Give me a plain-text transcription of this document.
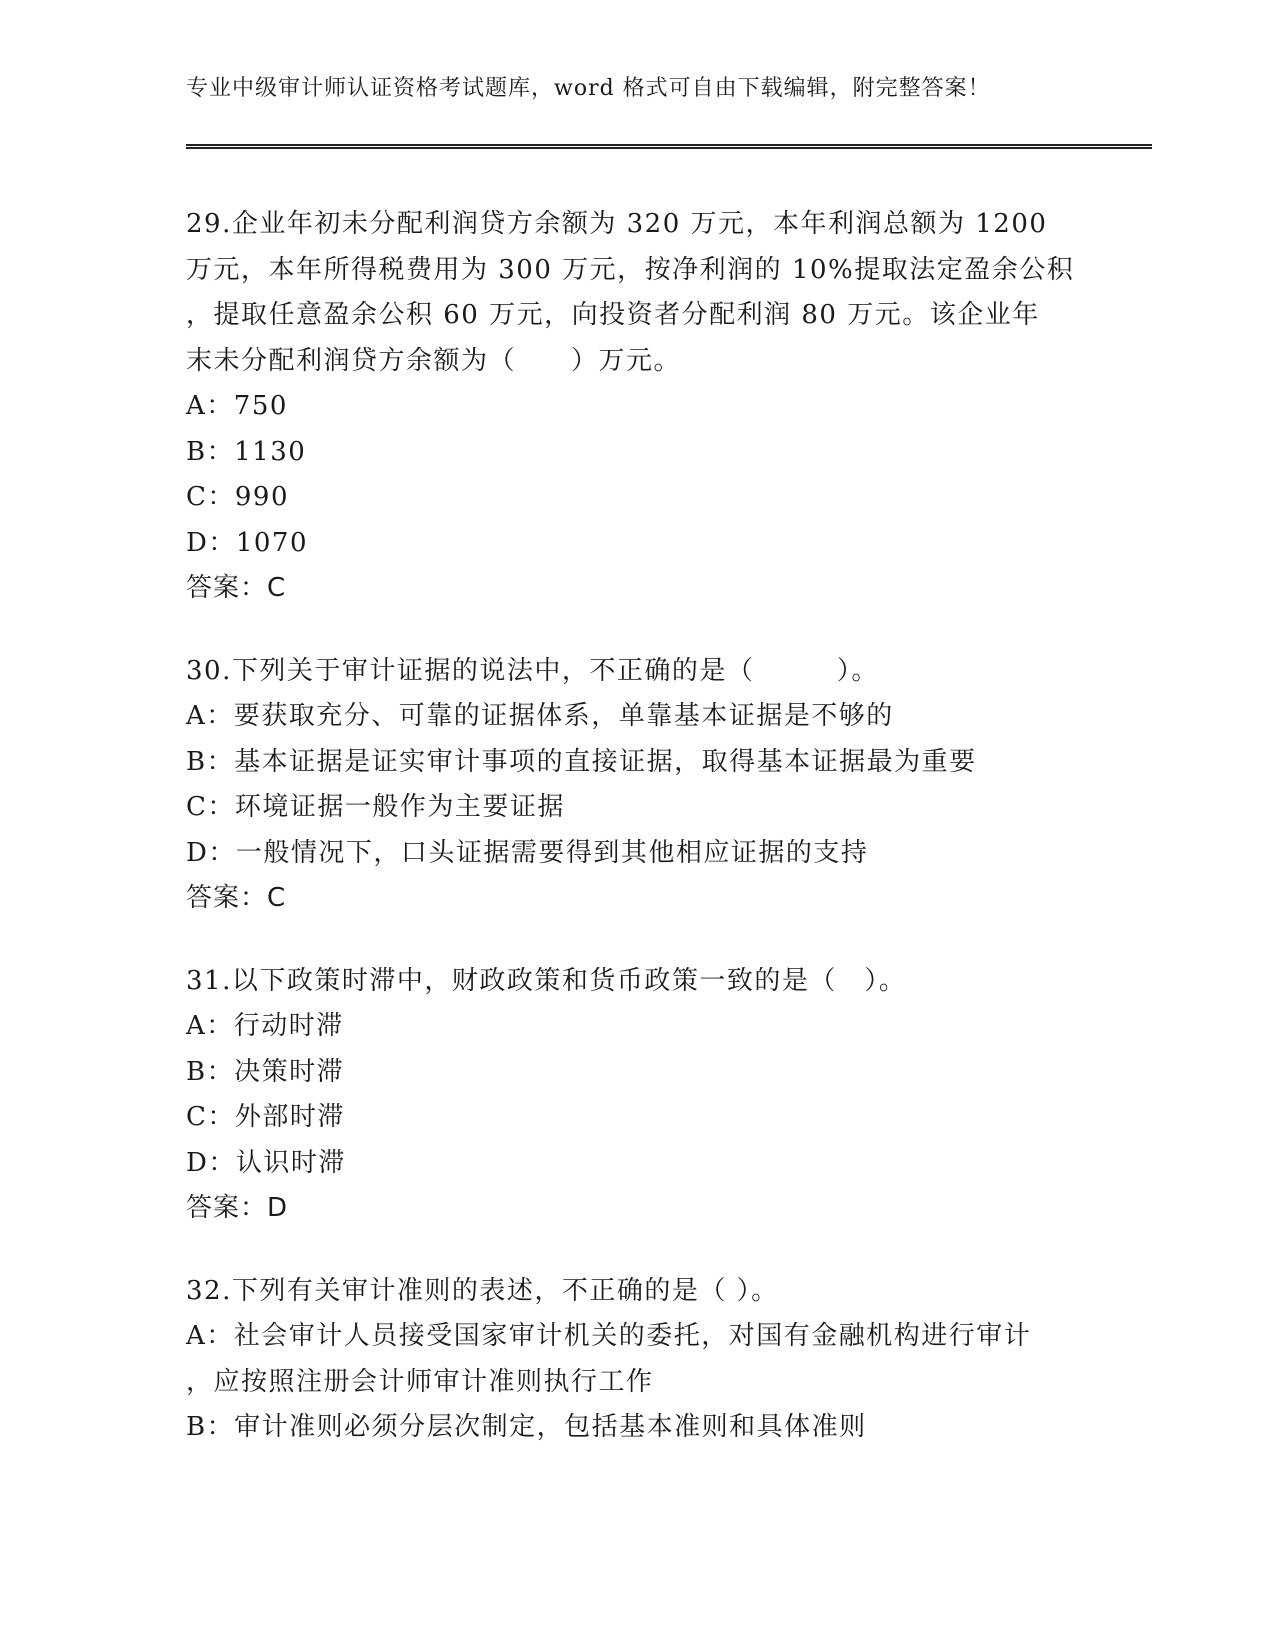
专业中级审计师认证资格考试题库，word 格式可自由下载编辑，附完整答案！

29.企业年初未分配利润贷方余额为 320 万元，本年利润总额为 1200

万元，本年所得税费用为 300 万元，按净利润的 10%提取法定盈余公积

，提取任意盈余公积 60 万元，向投资者分配利润 80 万元。该企业年

末未分配利润贷方余额为（　　）万元。

A：750

B：1130

C：990

D：1070

答案：C

30.下列关于审计证据的说法中，不正确的是（　　　）。

A：要获取充分、可靠的证据体系，单靠基本证据是不够的

B：基本证据是证实审计事项的直接证据，取得基本证据最为重要

C：环境证据一般作为主要证据

D：一般情况下，口头证据需要得到其他相应证据的支持

答案：C

31.以下政策时滞中，财政政策和货币政策一致的是（　）。

A：行动时滞

B：决策时滞

C：外部时滞

D：认识时滞

答案：D

32.下列有关审计准则的表述，不正确的是（ ）。

A：社会审计人员接受国家审计机关的委托，对国有金融机构进行审计

，应按照注册会计师审计准则执行工作

B：审计准则必须分层次制定，包括基本准则和具体准则
